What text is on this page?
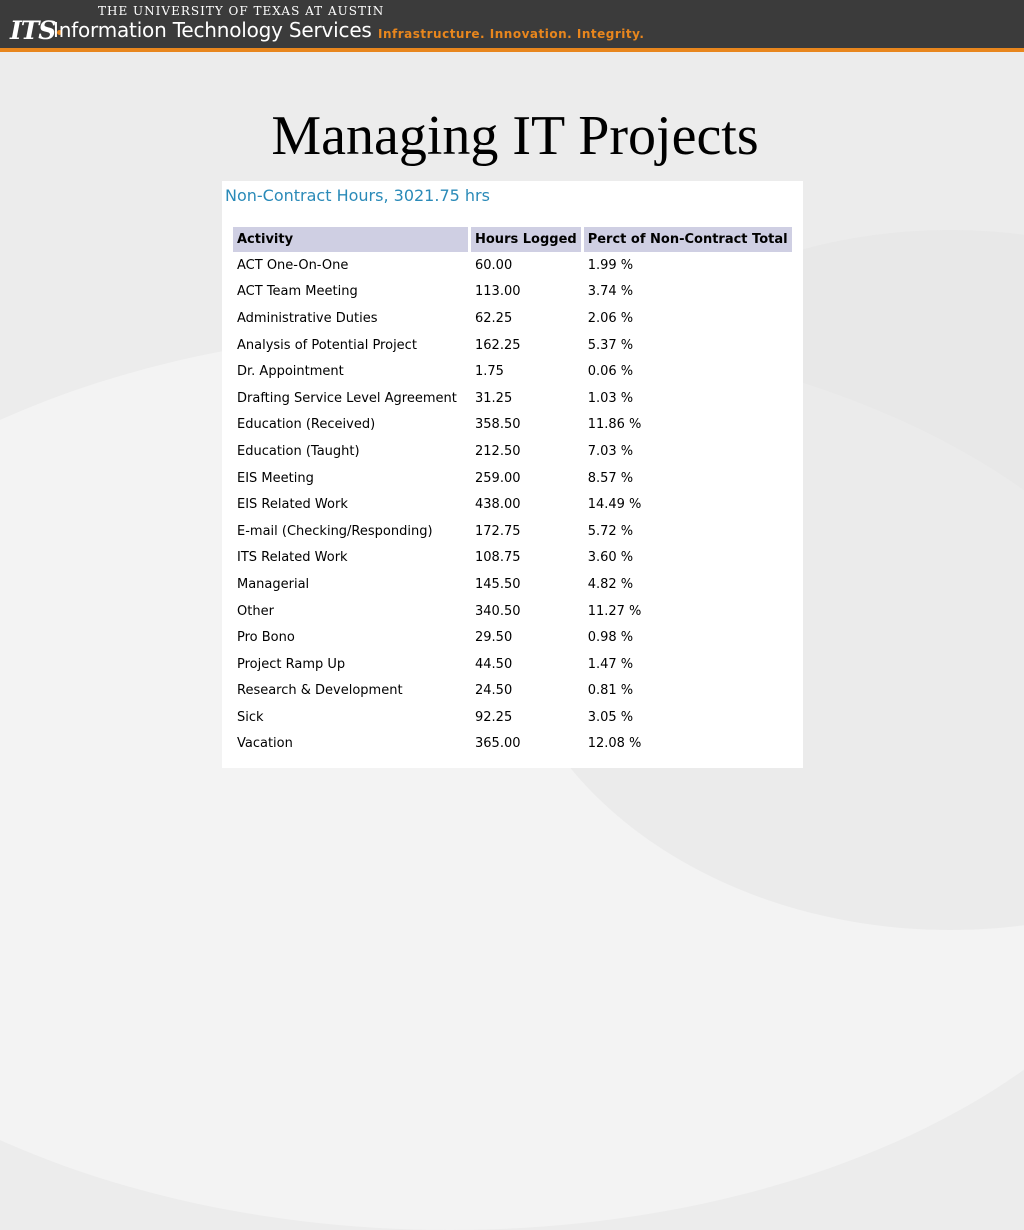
ITS
THE UNIVERSITY OF TEXAS AT AUSTIN
Information Technology Services Infrastructure. Innovation. Integrity.
Managing IT Projects
Non-Contract Hours, 3021.75 hrs
Activity	Hours Logged	Perct of Non-Contract Total
ACT One-On-One	60.00	1.99 %
ACT Team Meeting	113.00	3.74 %
Administrative Duties	62.25	2.06 %
Analysis of Potential Project	162.25	5.37 %
Dr. Appointment	1.75	0.06 %
Drafting Service Level Agreement	31.25	1.03 %
Education (Received)	358.50	11.86 %
Education (Taught)	212.50	7.03 %
EIS Meeting	259.00	8.57 %
EIS Related Work	438.00	14.49 %
E-mail (Checking/Responding)	172.75	5.72 %
ITS Related Work	108.75	3.60 %
Managerial	145.50	4.82 %
Other	340.50	11.27 %
Pro Bono	29.50	0.98 %
Project Ramp Up	44.50	1.47 %
Research & Development	24.50	0.81 %
Sick	92.25	3.05 %
Vacation	365.00	12.08 %
